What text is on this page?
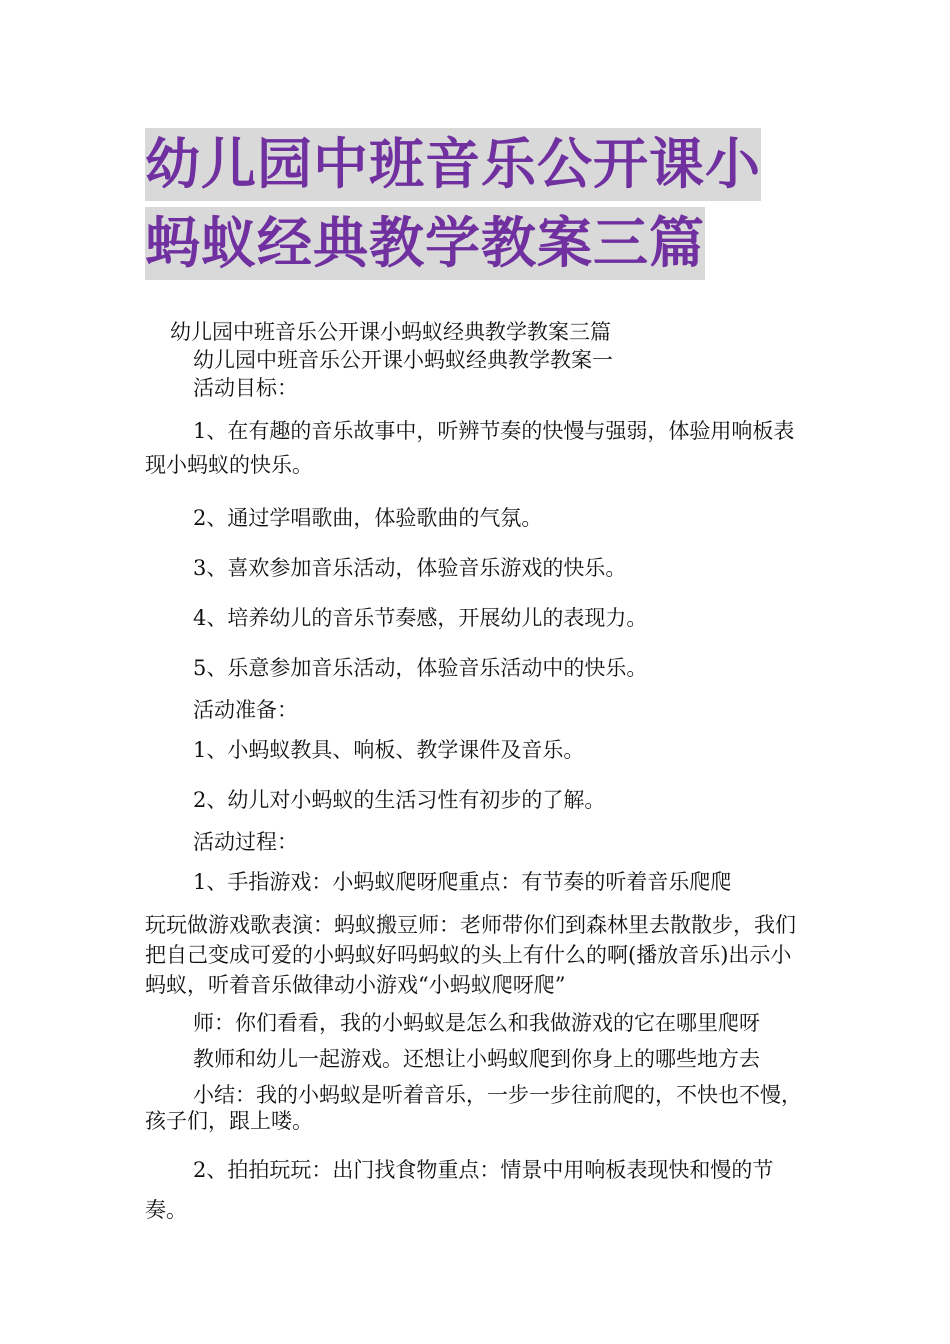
幼儿园中班音乐公开课小
蚂蚁经典教学教案三篇

幼儿园中班音乐公开课小蚂蚁经典教学教案三篇

幼儿园中班音乐公开课小蚂蚁经典教学教案一

活动目标：

1、在有趣的音乐故事中，听辨节奏的快慢与强弱，体验用响板表现小蚂蚁的快乐。

2、通过学唱歌曲，体验歌曲的气氛。

3、喜欢参加音乐活动，体验音乐游戏的快乐。

4、培养幼儿的音乐节奏感，开展幼儿的表现力。

5、乐意参加音乐活动，体验音乐活动中的快乐。

活动准备：

1、小蚂蚁教具、响板、教学课件及音乐。

2、幼儿对小蚂蚁的生活习性有初步的了解。

活动过程：

1、手指游戏：小蚂蚁爬呀爬重点：有节奏的听着音乐爬爬

玩玩做游戏歌表演：蚂蚁搬豆师：老师带你们到森林里去散散步，我们把自己变成可爱的小蚂蚁好吗蚂蚁的头上有什么的啊(播放音乐)出示小蚂蚁，听着音乐做律动小游戏“小蚂蚁爬呀爬”

师：你们看看，我的小蚂蚁是怎么和我做游戏的它在哪里爬呀

教师和幼儿一起游戏。还想让小蚂蚁爬到你身上的哪些地方去

小结：我的小蚂蚁是听着音乐，一步一步往前爬的，不快也不慢，孩子们，跟上喽。

2、拍拍玩玩：出门找食物重点：情景中用响板表现快和慢的节奏。
